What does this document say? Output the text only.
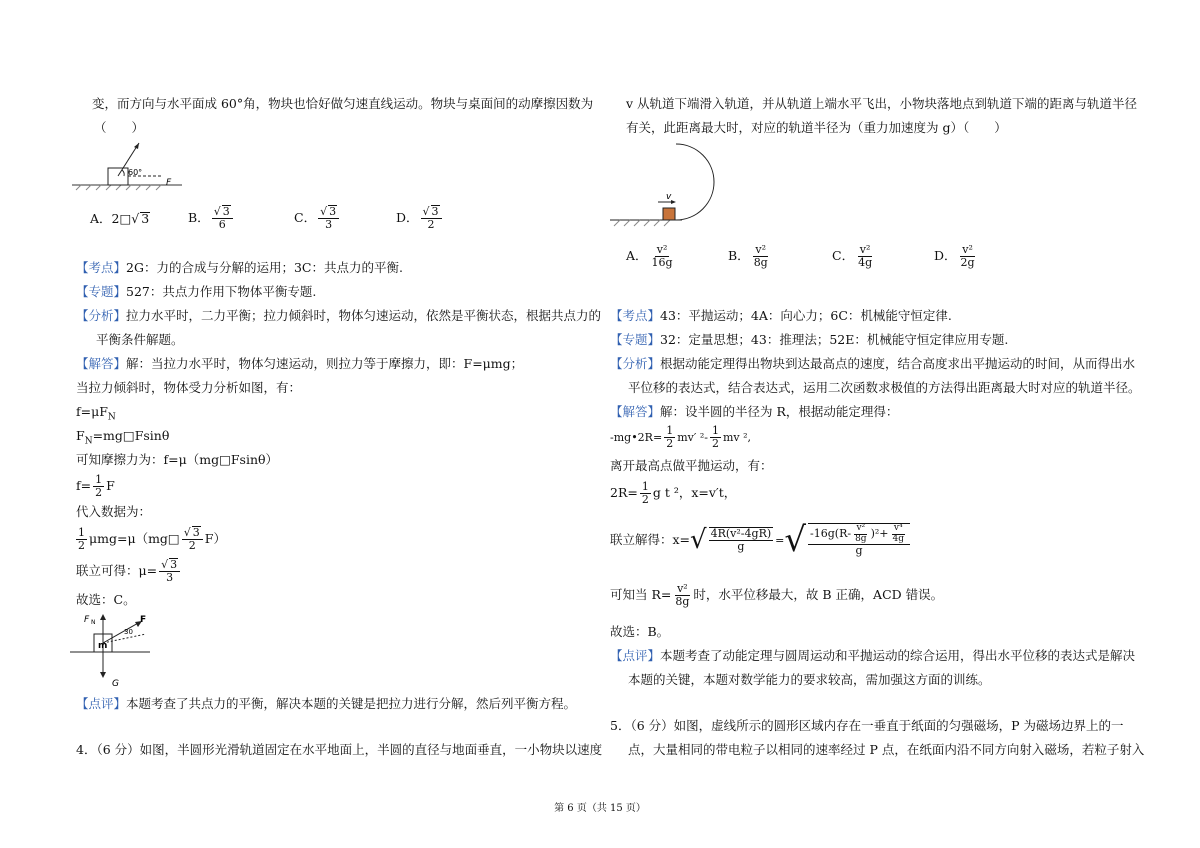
变，而方向与水平面成 60°角，物块也恰好做匀速直线运动。物块与桌面间的动摩擦因数为
（　　）
60°
F
A． 2□ √ 3	B． $\frac{√ 3}{6}$	C． $\frac{√ 3}{3}$	D． $\frac{√ 3}{2}$
【考点】2G：力的合成与分解的运用；3C：共点力的平衡.
【专题】527：共点力作用下物体平衡专题.
【分析】拉力水平时，二力平衡；拉力倾斜时，物体匀速运动，依然是平衡状态，根据共点力的
平衡条件解题。
【解答】解：当拉力水平时，物体匀速运动，则拉力等于摩擦力，即：F=μmg；
当拉力倾斜时，物体受力分析如图，有：
$f=\mu F_N$
$F_N=mg□Fsin\theta$
可知摩擦力为：f=μ（mg□Fsinθ）
$f= \frac{1}{2}$ F
代入数据为：
$\frac{1}{2}$ μmg=μ（mg□ $\frac{√ 3}{2} F$）
联立可得：$\mu= \frac{√ 3}{3}$
故选：C。
F N	F
30
m
G
【点评】本题考查了共点力的平衡，解决本题的关键是把拉力进行分解，然后列平衡方程。
4．（6 分）如图，半圆形光滑轨道固定在水平地面上，半圆的直径与地面垂直，一小物块以速度
v 从轨道下端滑入轨道，并从轨道上端水平飞出，小物块落地点到轨道下端的距离与轨道半径
有关，此距离最大时，对应的轨道半径为（重力加速度为 g）（　　）
v
A． $\frac{\text{v²}}{16g}$	B． $\frac{\text{v²}}{8g}$	C． $\frac{\text{v²}}{4g}$	D． $\frac{\text{v²}}{2g}$
【考点】43：平抛运动；4A：向心力；6C：机械能守恒定律.
【专题】32：定量思想；43：推理法；52E：机械能守恒定律应用专题.
【分析】根据动能定理得出物块到达最高点的速度，结合高度求出平抛运动的时间，从而得出水
平位移的表达式，结合表达式，运用二次函数求极值的方法得出距离最大时对应的轨道半径。
【解答】解：设半圆的半径为 R，根据动能定理得：
-mg•2R= $\frac{1}{2} mv'$ $^2- \frac{1}{2}$ mv ²,
离开最高点做平抛运动，有：
$2R= \frac{1}{2}$ g t ²，x=v′t，
联立解得：x= √ $\frac{\text{4R(v²-4gR)}}{g}$ = √ $\frac{-16g(R- \frac{\text{v²}}{8g} )^2+ \frac{\text{v⁴}}{4g}}{g}$
可知当 $R= \frac{\text{v²}}{8g}$ 时，水平位移最大，故 B 正确，ACD 错误。
故选：B。
【点评】本题考查了动能定理与圆周运动和平抛运动的综合运用，得出水平位移的表达式是解决
本题的关键，本题对数学能力的要求较高，需加强这方面的训练。
5．（6 分）如图，虚线所示的圆形区域内存在一垂直于纸面的匀强磁场，P 为磁场边界上的一
点，大量相同的带电粒子以相同的速率经过 P 点，在纸面内沿不同方向射入磁场，若粒子射入
第 6 页（共 15 页）
